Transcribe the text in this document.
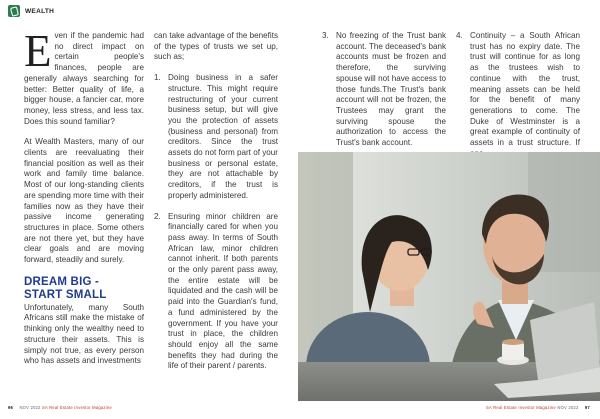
WEALTH

Even if the pandemic had no direct impact on certain people's finances, people are generally always searching for better: Better quality of life, a bigger house, a fancier car, more money, less stress, and less tax. Does this sound familiar?

At Wealth Masters, many of our clients are reevaluating their financial position as well as their work and family time balance. Most of our long-standing clients are spending more time with their families now as they have their passive income generating structures in place. Some others are not there yet, but they have clear goals and are moving forward, steadily and surely.

DREAM BIG -
START SMALL

Unfortunately, many South Africans still make the mistake of thinking only the wealthy need to structure their assets. This is simply not true, as every person who has assets and investments

can take advantage of the benefits of the types of trusts we set up, such as;

1. Doing business in a safer structure. This might require restructuring of your current business setup, but will give you the protection of assets (business and personal) from creditors. Since the trust assets do not form part of your business or personal estate, they are not attachable by creditors, if the trust is properly administered.
2. Ensuring minor children are financially cared for when you pass away. In terms of South African law, minor children cannot inherit. If both parents or the only parent pass away, the entire estate will be liquidated and the cash will be paid into the Guardian's fund, a fund administered by the government. If you have your trust in place, the children should enjoy all the same benefits they had during the life of their parent / parents.
3. No freezing of the Trust bank account. The deceased's bank accounts must be frozen and therefore, the surviving spouse will not have access to those funds.The Trust's bank account will not be frozen, the Trustees may grant the surviving spouse the authorization to access the Trust's bank account.
4. Continuity – a South African trust has no expiry date. The trust will continue for as long as the trustees wish to continue with the trust, meaning assets can be held for the benefit of many generations to come. The Duke of Westminster is a great example of continuity of assets in a trust structure. If
96 NOV 2022 SA Real Estate Investor Magazine	SA Real Estate Investor Magazine NOV 2022 97
